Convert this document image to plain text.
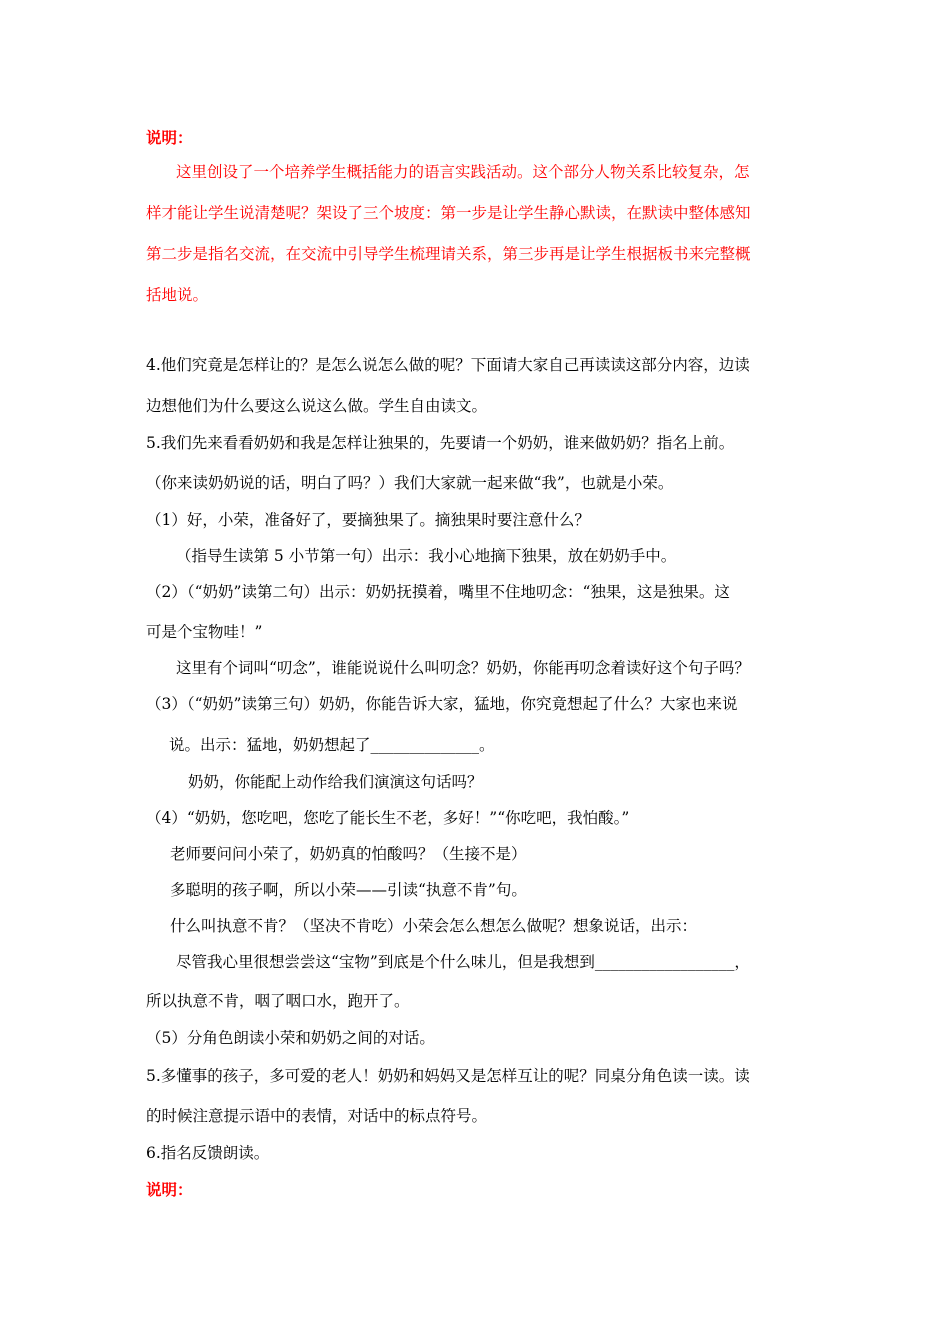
说明：
这里创设了一个培养学生概括能力的语言实践活动。这个部分人物关系比较复杂，怎
样才能让学生说清楚呢？架设了三个坡度：第一步是让学生静心默读，在默读中整体感知
第二步是指名交流，在交流中引导学生梳理请关系，第三步再是让学生根据板书来完整概
括地说。
4.他们究竟是怎样让的？是怎么说怎么做的呢？下面请大家自己再读读这部分内容，边读
边想他们为什么要这么说这么做。学生自由读文。
5.我们先来看看奶奶和我是怎样让独果的，先要请一个奶奶，谁来做奶奶？指名上前。
（你来读奶奶说的话，明白了吗？）我们大家就一起来做“我”，也就是小荣。
（1）好，小荣，准备好了，要摘独果了。摘独果时要注意什么？
（指导生读第 5 小节第一句）出示：我小心地摘下独果，放在奶奶手中。
（2）（“奶奶”读第二句）出示：奶奶抚摸着，嘴里不住地叨念：“独果，这是独果。这
可是个宝物哇！”
这里有个词叫“叨念”，谁能说说什么叫叨念？奶奶，你能再叨念着读好这个句子吗？
（3）（“奶奶”读第三句）奶奶，你能告诉大家，猛地，你究竟想起了什么？大家也来说
说。出示：猛地，奶奶想起了______________。
奶奶，你能配上动作给我们演演这句话吗？
（4）“奶奶，您吃吧，您吃了能长生不老，多好！”“你吃吧，我怕酸。”
老师要问问小荣了，奶奶真的怕酸吗？（生接不是）
多聪明的孩子啊，所以小荣——引读“执意不肯”句。
什么叫执意不肯？（坚决不肯吃）小荣会怎么想怎么做呢？想象说话，出示：
尽管我心里很想尝尝这“宝物”到底是个什么味儿，但是我想到__________________，
所以执意不肯，咽了咽口水，跑开了。
（5）分角色朗读小荣和奶奶之间的对话。
5.多懂事的孩子，多可爱的老人！奶奶和妈妈又是怎样互让的呢？同桌分角色读一读。读
的时候注意提示语中的表情，对话中的标点符号。
6.指名反馈朗读。
说明：
